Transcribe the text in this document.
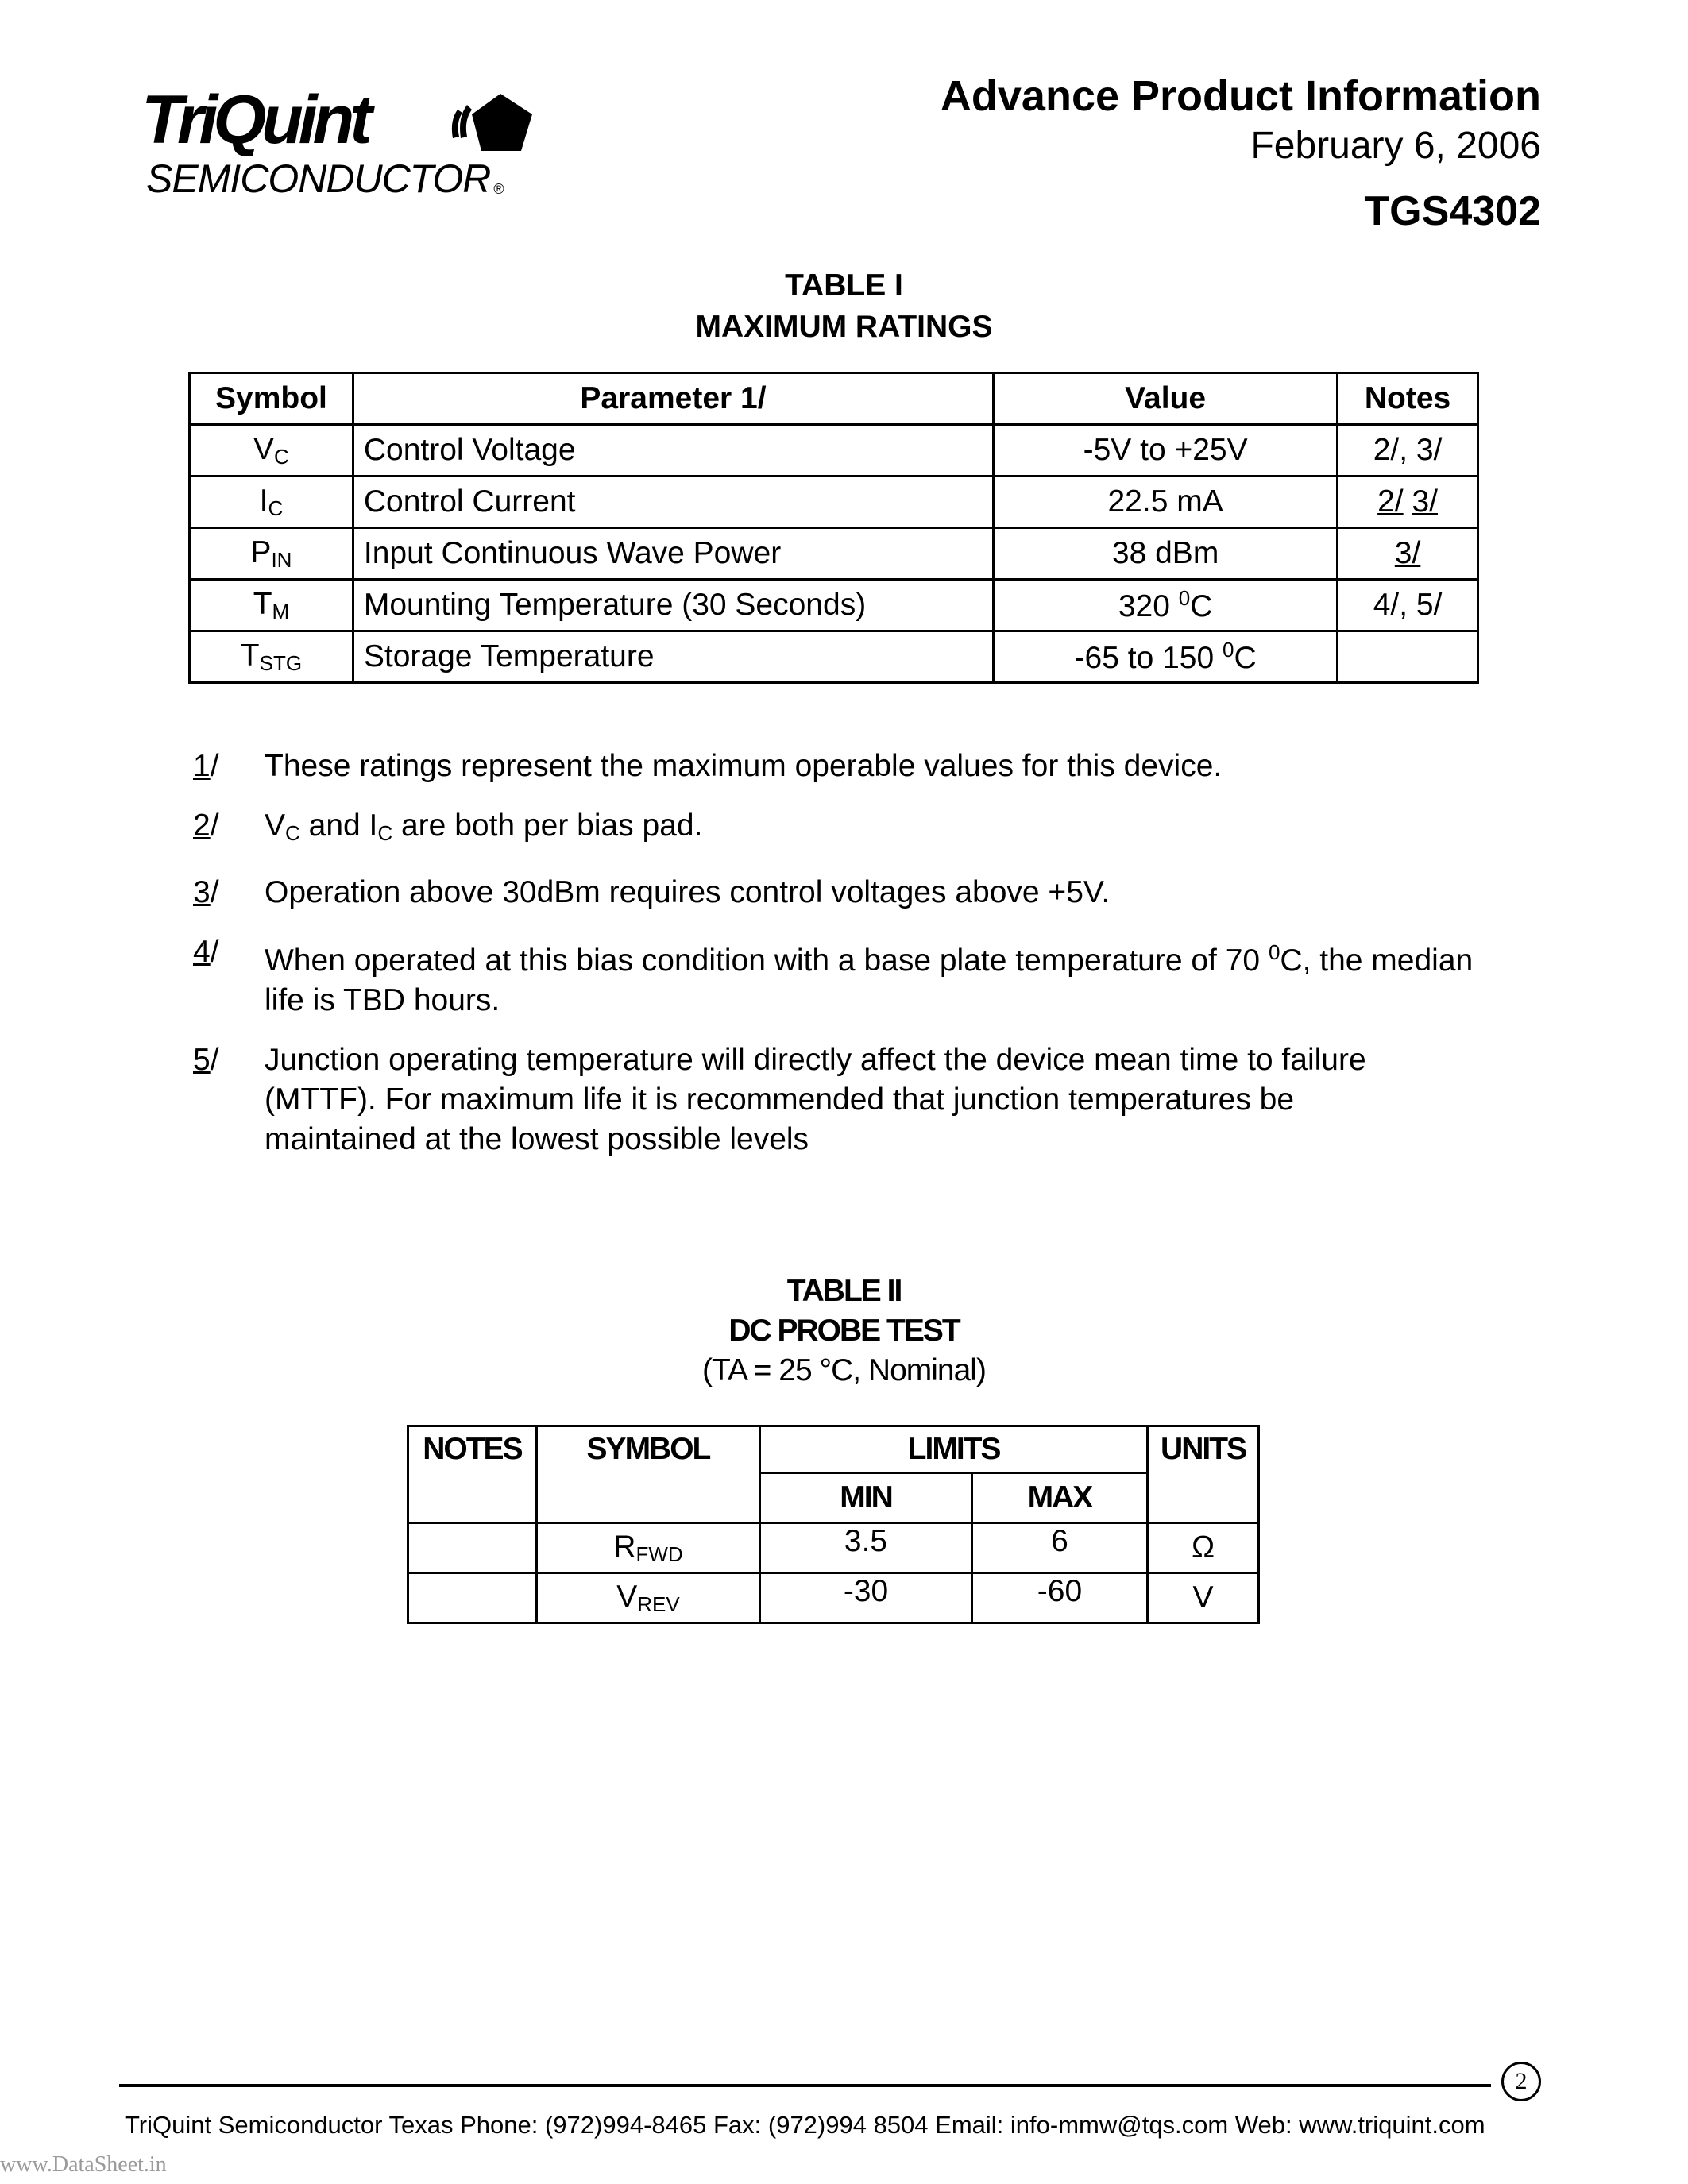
TriQuint
SEMICONDUCTOR ®
Advance Product Information
February 6, 2006
TGS4302
TABLE I
MAXIMUM RATINGS
Symbol	Parameter 1/	Value	Notes
$V_C$	Control Voltage	-5V to +25V	2/, 3/
$I_C$	Control Current	22.5 mA	2/ 3/
$P_{IN}$	Input Continuous Wave Power	38 dBm	3/
$T_M$	Mounting Temperature (30 Seconds)	320 $^0$C	4/, 5/
$T_{STG}$	Storage Temperature	-65 to 150 $^0$C	
1/ These ratings represent the maximum operable values for this device.
2/ $V_C$ and $I_C$ are both per bias pad.
3/ Operation above 30dBm requires control voltages above +5V.
4/ When operated at this bias condition with a base plate temperature of 70 $^0$C, the median life is TBD hours.
5/ Junction operating temperature will directly affect the device mean time to failure (MTTF). For maximum life it is recommended that junction temperatures be maintained at the lowest possible levels
TABLE II
DC PROBE TEST
(TA = 25 °C, Nominal)
NOTES	SYMBOL	LIMITS		UNITS
		MIN	MAX	
	$R_{FWD}$	3.5	6	Ω
	$V_{REV}$	-30	-60	V
2
TriQuint Semiconductor Texas Phone: (972)994-8465 Fax: (972)994 8504 Email: info-mmw@tqs.com Web: www.triquint.com
www.DataSheet.in
